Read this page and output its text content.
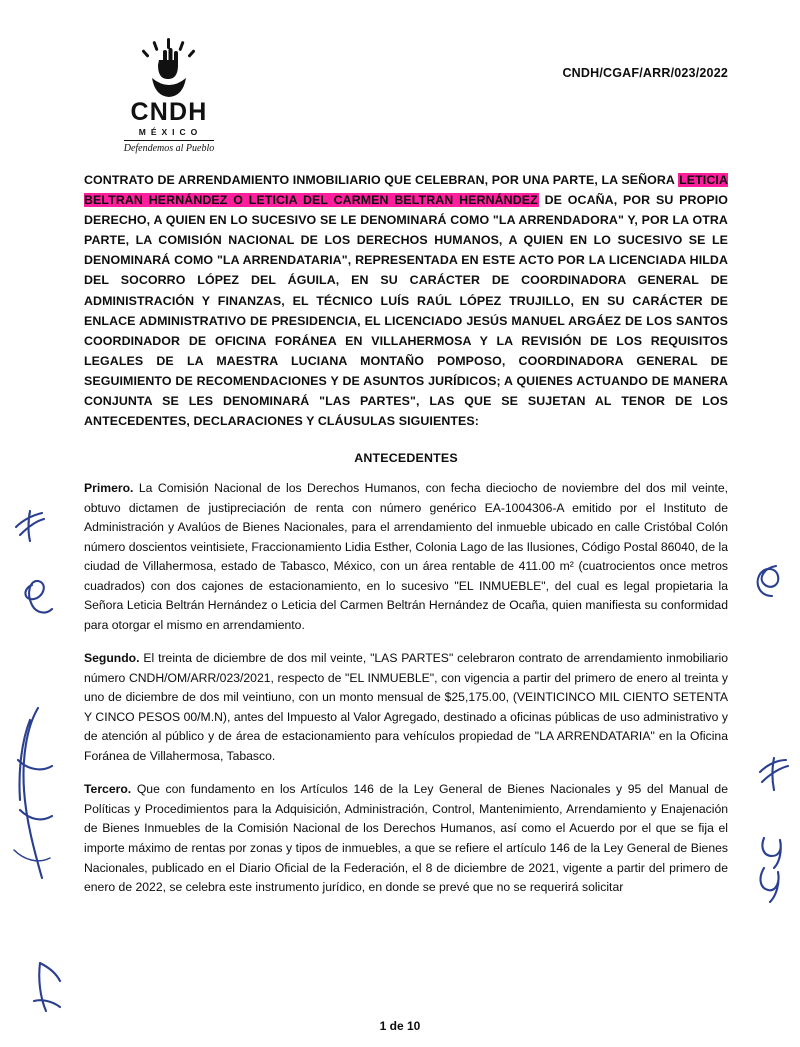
CNDH
MÉXICO
Defendemos al Pueblo
CNDH/CGAF/ARR/023/2022

CONTRATO DE ARRENDAMIENTO INMOBILIARIO QUE CELEBRAN, POR UNA PARTE, LA SEÑORA LETICIA BELTRAN HERNÁNDEZ O LETICIA DEL CARMEN BELTRAN HERNÁNDEZ DE OCAÑA, POR SU PROPIO DERECHO, A QUIEN EN LO SUCESIVO SE LE DENOMINARÁ COMO "LA ARRENDADORA" Y, POR LA OTRA PARTE, LA COMISIÓN NACIONAL DE LOS DERECHOS HUMANOS, A QUIEN EN LO SUCESIVO SE LE DENOMINARÁ COMO "LA ARRENDATARIA", REPRESENTADA EN ESTE ACTO POR LA LICENCIADA HILDA DEL SOCORRO LÓPEZ DEL ÁGUILA, EN SU CARÁCTER DE COORDINADORA GENERAL DE ADMINISTRACIÓN Y FINANZAS, EL TÉCNICO LUÍS RAÚL LÓPEZ TRUJILLO, EN SU CARÁCTER DE ENLACE ADMINISTRATIVO DE PRESIDENCIA, EL LICENCIADO JESÚS MANUEL ARGÁEZ DE LOS SANTOS COORDINADOR DE OFICINA FORÁNEA EN VILLAHERMOSA Y LA REVISIÓN DE LOS REQUISITOS LEGALES DE LA MAESTRA LUCIANA MONTAÑO POMPOSO, COORDINADORA GENERAL DE SEGUIMIENTO DE RECOMENDACIONES Y DE ASUNTOS JURÍDICOS; A QUIENES ACTUANDO DE MANERA CONJUNTA SE LES DENOMINARÁ "LAS PARTES", LAS QUE SE SUJETAN AL TENOR DE LOS ANTECEDENTES, DECLARACIONES Y CLÁUSULAS SIGUIENTES:

ANTECEDENTES

Primero. La Comisión Nacional de los Derechos Humanos, con fecha dieciocho de noviembre del dos mil veinte, obtuvo dictamen de justipreciación de renta con número genérico EA-1004306-A emitido por el Instituto de Administración y Avalúos de Bienes Nacionales, para el arrendamiento del inmueble ubicado en calle Cristóbal Colón número doscientos veintisiete, Fraccionamiento Lidia Esther, Colonia Lago de las Ilusiones, Código Postal 86040, de la ciudad de Villahermosa, estado de Tabasco, México, con un área rentable de 411.00 m² (cuatrocientos once metros cuadrados) con dos cajones de estacionamiento, en lo sucesivo "EL INMUEBLE", del cual es legal propietaria la Señora Leticia Beltrán Hernández o Leticia del Carmen Beltrán Hernández de Ocaña, quien manifiesta su conformidad para otorgar el mismo en arrendamiento.

Segundo. El treinta de diciembre de dos mil veinte, "LAS PARTES" celebraron contrato de arrendamiento inmobiliario número CNDH/OM/ARR/023/2021, respecto de "EL INMUEBLE", con vigencia a partir del primero de enero al treinta y uno de diciembre de dos mil veintiuno, con un monto mensual de $25,175.00, (VEINTICINCO MIL CIENTO SETENTA Y CINCO PESOS 00/M.N), antes del Impuesto al Valor Agregado, destinado a oficinas públicas de uso administrativo y de atención al público y de área de estacionamiento para vehículos propiedad de "LA ARRENDATARIA" en la Oficina Foránea de Villahermosa, Tabasco.

Tercero. Que con fundamento en los Artículos 146 de la Ley General de Bienes Nacionales y 95 del Manual de Políticas y Procedimientos para la Adquisición, Administración, Control, Mantenimiento, Arrendamiento y Enajenación de Bienes Inmuebles de la Comisión Nacional de los Derechos Humanos, así como el Acuerdo por el que se fija el importe máximo de rentas por zonas y tipos de inmuebles, a que se refiere el artículo 146 de la Ley General de Bienes Nacionales, publicado en el Diario Oficial de la Federación, el 8 de diciembre de 2021, vigente a partir del primero de enero de 2022, se celebra este instrumento jurídico, en donde se prevé que no se requerirá solicitar

1 de 10
